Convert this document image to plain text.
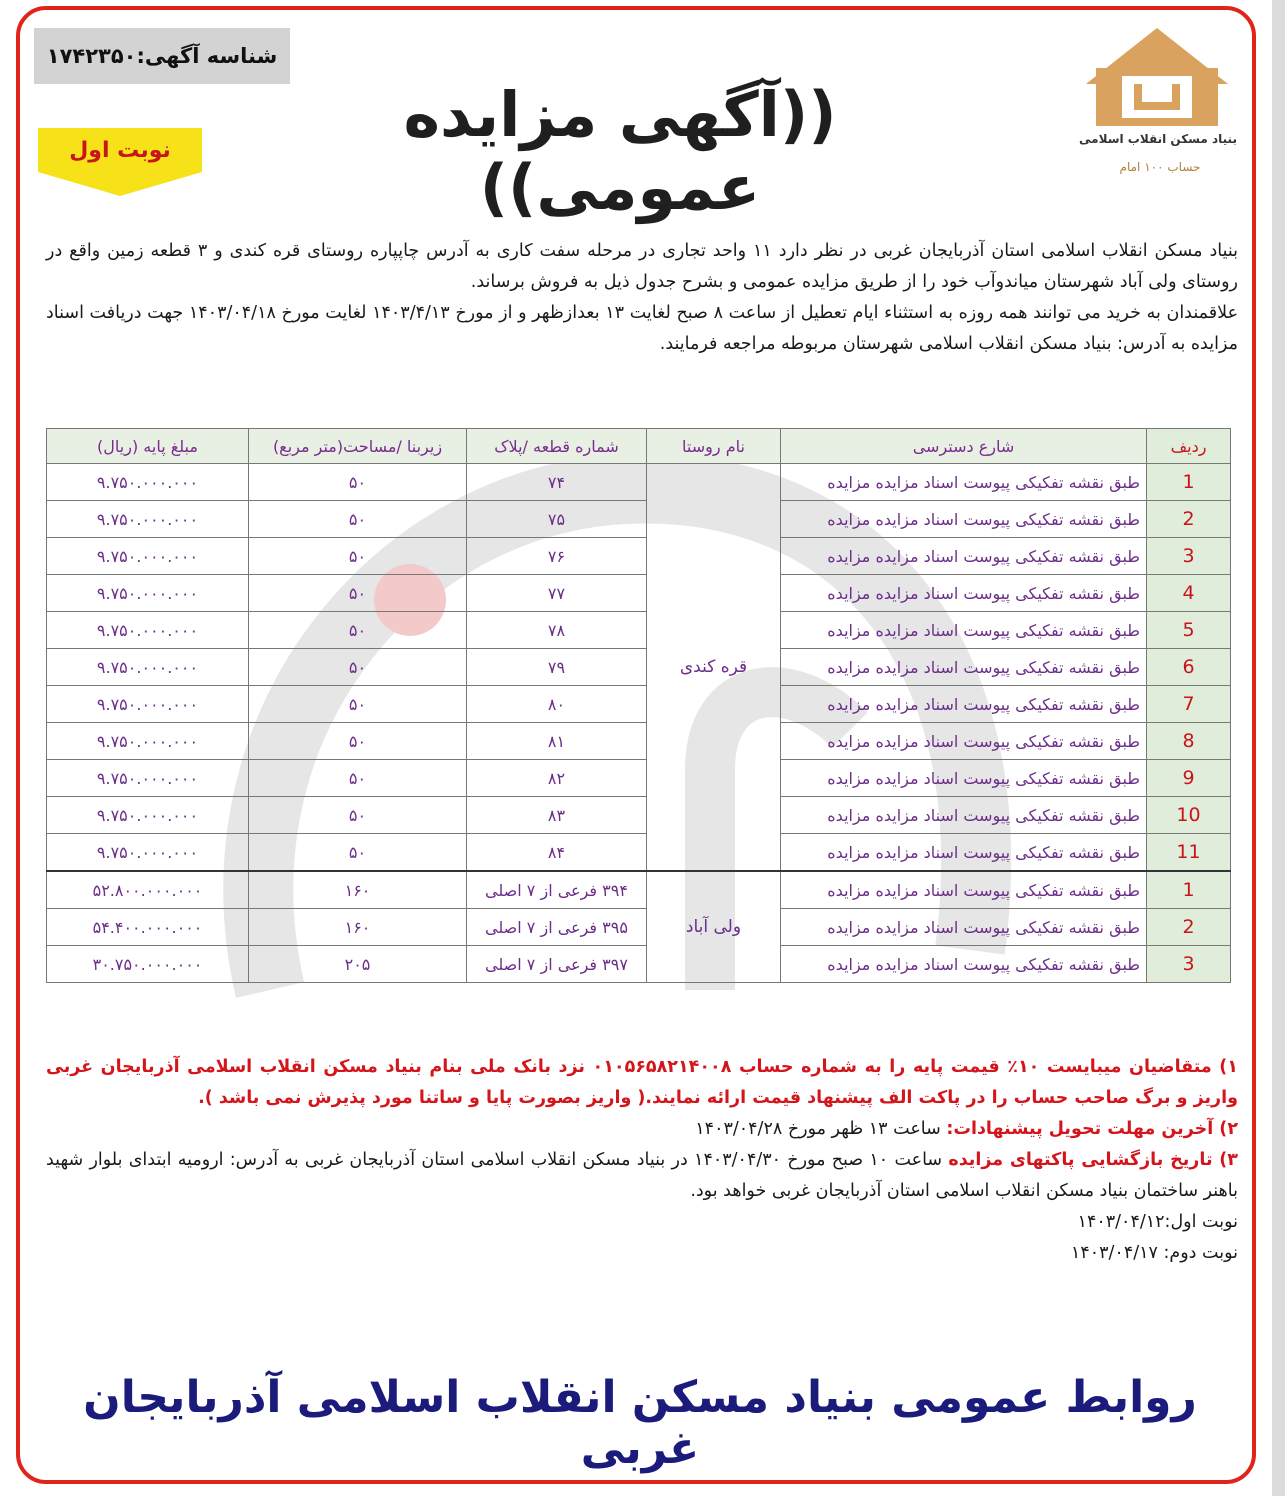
شناسه آگهی:۱۷۴۲۳۵۰
نوبت اول	((آگهی مزایده عمومی))
بنیاد مسکن انقلاب اسلامی
حساب ۱۰۰ امام

بنیاد مسکن انقلاب اسلامی استان آذربایجان غربی در نظر دارد ۱۱ واحد تجاری در مرحله سفت کاری به آدرس چاپپاره روستای قره کندی و ۳ قطعه زمین واقع در روستای ولی آباد شهرستان میاندوآب خود را از طریق مزایده عمومی و بشرح جدول ذیل به فروش برساند.

علاقمندان به خرید می توانند همه روزه به استثناء ایام تعطیل از ساعت ۸ صبح لغایت ۱۳ بعدازظهر و از مورخ ۱۴۰۳/۴/۱۳ لغایت مورخ ۱۴۰۳/۰۴/۱۸ جهت دریافت اسناد مزایده به آدرس: بنیاد مسکن انقلاب اسلامی شهرستان مربوطه مراجعه فرمایند.

ردیف	شارع دسترسی	نام روستا	شماره قطعه /پلاک	زیربنا /مساحت(متر مربع)	مبلغ پایه (ریال)
1	طبق نقشه تفکیکی پیوست اسناد مزایده مزایده	قره کندی	۷۴	۵۰	۹.۷۵۰.۰۰۰.۰۰۰
2	طبق نقشه تفکیکی پیوست اسناد مزایده مزایده		۷۵	۵۰	۹.۷۵۰.۰۰۰.۰۰۰
3	طبق نقشه تفکیکی پیوست اسناد مزایده مزایده		۷۶	۵۰	۹.۷۵۰.۰۰۰.۰۰۰
4	طبق نقشه تفکیکی پیوست اسناد مزایده مزایده		۷۷	۵۰	۹.۷۵۰.۰۰۰.۰۰۰
5	طبق نقشه تفکیکی پیوست اسناد مزایده مزایده		۷۸	۵۰	۹.۷۵۰.۰۰۰.۰۰۰
6	طبق نقشه تفکیکی پیوست اسناد مزایده مزایده		۷۹	۵۰	۹.۷۵۰.۰۰۰.۰۰۰
7	طبق نقشه تفکیکی پیوست اسناد مزایده مزایده		۸۰	۵۰	۹.۷۵۰.۰۰۰.۰۰۰
8	طبق نقشه تفکیکی پیوست اسناد مزایده مزایده		۸۱	۵۰	۹.۷۵۰.۰۰۰.۰۰۰
9	طبق نقشه تفکیکی پیوست اسناد مزایده مزایده		۸۲	۵۰	۹.۷۵۰.۰۰۰.۰۰۰
10	طبق نقشه تفکیکی پیوست اسناد مزایده مزایده		۸۳	۵۰	۹.۷۵۰.۰۰۰.۰۰۰
11	طبق نقشه تفکیکی پیوست اسناد مزایده مزایده		۸۴	۵۰	۹.۷۵۰.۰۰۰.۰۰۰
1	طبق نقشه تفکیکی پیوست اسناد مزایده مزایده	ولی آباد	۳۹۴ فرعی از ۷ اصلی	۱۶۰	۵۲.۸۰۰.۰۰۰.۰۰۰
2	طبق نقشه تفکیکی پیوست اسناد مزایده مزایده		۳۹۵ فرعی از ۷ اصلی	۱۶۰	۵۴.۴۰۰.۰۰۰.۰۰۰
3	طبق نقشه تفکیکی پیوست اسناد مزایده مزایده		۳۹۷ فرعی از ۷ اصلی	۲۰۵	۳۰.۷۵۰.۰۰۰.۰۰۰

۱) متقاضیان میبایست ۱۰٪ قیمت پایه را به شماره حساب ۰۱۰۵۶۵۸۲۱۴۰۰۸ نزد بانک ملی بنام بنیاد مسکن انقلاب اسلامی آذربایجان غربی واریز و برگ صاحب حساب را در پاکت الف پیشنهاد قیمت ارائه نمایند.( واریز بصورت پایا و ساتنا مورد پذیرش نمی باشد ).

۲) آخرین مهلت تحویل پیشنهادات: ساعت ۱۳ ظهر مورخ ۱۴۰۳/۰۴/۲۸

۳) تاریخ بازگشایی پاکتهای مزایده ساعت ۱۰ صبح مورخ ۱۴۰۳/۰۴/۳۰ در بنیاد مسکن انقلاب اسلامی استان آذربایجان غربی به آدرس: ارومیه ابتدای بلوار شهید باهنر ساختمان بنیاد مسکن انقلاب اسلامی استان آذربایجان غربی خواهد بود.

نوبت اول:۱۴۰۳/۰۴/۱۲

نوبت دوم: ۱۴۰۳/۰۴/۱۷

روابط عمومی بنیاد مسکن انقلاب اسلامی آذربایجان غربی
